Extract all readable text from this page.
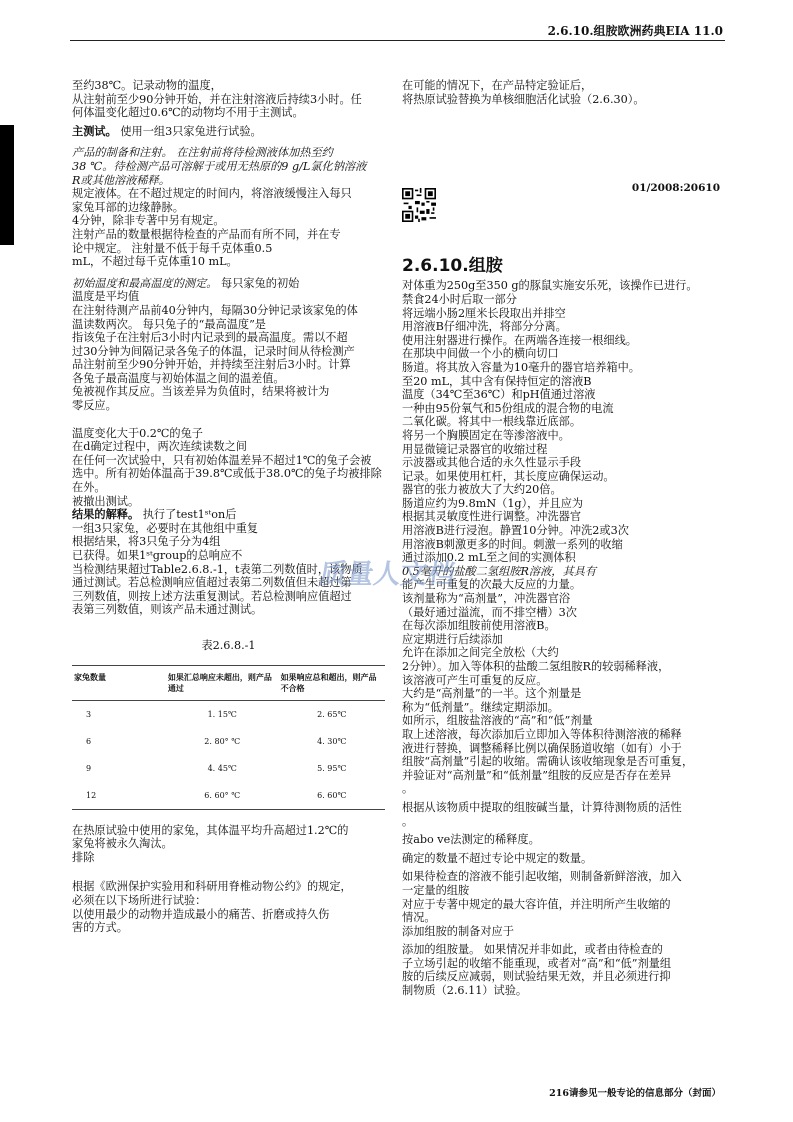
2.6.10.组胺欧洲药典EIA 11.0

至约38℃。记录动物的温度，

从注射前至少90分钟开始，并在注射溶液后持续3小时。任

何体温变化超过0.6℃的动物均不用于主测试。

主测试。 使用一组3只家兔进行试验。

产品的制备和注射。 在注射前将待检测液体加热至约

38 ℃。待检测产品可溶解于或用无热原的9 g/L氯化钠溶液

R或其他溶液稀释。

规定液体。在不超过规定的时间内，将溶液缓慢注入每只

家兔耳部的边缘静脉。

4分钟，除非专著中另有规定。

注射产品的数量根据待检查的产品而有所不同，并在专

论中规定。 注射量不低于每千克体重0.5

mL，不超过每千克体重10 mL。

初始温度和最高温度的测定。 每只家兔的初始

温度是平均值

在注射待测产品前40分钟内，每隔30分钟记录该家兔的体

温读数两次。 每只兔子的“最高温度”是

指该兔子在注射后3小时内记录到的最高温度。需以不超

过30分钟为间隔记录各兔子的体温，记录时间从待检测产

品注射前至少90分钟开始，并持续至注射后3小时。计算

各兔子最高温度与初始体温之间的温差值。

兔被视作其反应。当该差异为负值时，结果将被计为

零反应。

温度变化大于0.2℃的兔子

在d确定过程中，两次连续读数之间

在任何一次试验中，只有初始体温差异不超过1℃的兔子会被

选中。所有初始体温高于39.8℃或低于38.0℃的兔子均被排除

在外。

被撤出测试。

结果的解释。 执行了test1ˢᵗon后

一组3只家兔，必要时在其他组中重复

根据结果，将3只兔子分为4组

已获得。如果1ˢᵗgroup的总响应不

当检测结果超过Table2.6.8.-1，t表第二列数值时，该物质

通过测试。若总检测响应值超过表第二列数值但未超过第

三列数值，则按上述方法重复测试。若总检测响应值超过

表第三列数值，则该产品未通过测试。

表2.6.8.-1
家兔数量	如果汇总响应未超出，则产品通过	如果响应总和超出，则产品不合格
3	1. 15℃	2. 65℃
6	2. 80° ℃	4. 30℃
9	4. 45℃	5. 95℃
12	6. 60° ℃	6. 60℃

在热原试验中使用的家兔，其体温平均升高超过1.2℃的

家兔将被永久淘汰。

排除

根据《欧洲保护实验用和科研用脊椎动物公约》的规定，

必须在以下场所进行试验：

以使用最少的动物并造成最小的痛苦、折磨或持久伤

害的方式。

在可能的情况下，在产品特定验证后，

将热原试验替换为单核细胞活化试验（2.6.30）。

01/2008:20610
2.6.10.组胺

对体重为250g至350 g的豚鼠实施安乐死，该操作已进行。

禁食24小时后取一部分

将远端小肠2厘米长段取出并排空

用溶液B仔细冲洗，将部分分离。

使用注射器进行操作。在两端各连接一根细线。

在那块中间做一个小的横向切口

肠道。将其放入容量为10毫升的器官培养箱中。

至20 mL，其中含有保持恒定的溶液B

温度（34℃至36℃）和pH值通过溶液

一种由95份氧气和5份组成的混合物的电流

二氧化碳。将其中一根线靠近底部。

将另一个胸膜固定在等渗溶液中。

用显微镜记录器官的收缩过程

示波器或其他合适的永久性显示手段

记录。如果使用杠杆，其长度应确保运动。

器官的张力被放大了大约20倍。

肠道应约为9.8mN（1g），并且应为

根据其灵敏度性进行调整。冲洗器官

用溶液B进行浸泡。静置10分钟。冲洗2或3次

用溶液B刺激更多的时间。刺激一系列的收缩

通过添加0.2 mL至之间的实测体积

0.5毫升的盐酸二氢组胺R溶液，其具有

能产生可重复的次最大反应的力量。

该剂量称为“高剂量”，冲洗器官浴

（最好通过溢流，而不排空槽）3次

在每次添加组胺前使用溶液B。

应定期进行后续添加

允许在添加之间完全放松（大约

2分钟）。加入等体积的盐酸二氢组胺R的较弱稀释液，

该溶液可产生可重复的反应。

大约是“高剂量”的一半。这个剂量是

称为“低剂量”。继续定期添加。

如所示，组胺盐溶液的“高”和“低”剂量

取上述溶液，每次添加后立即加入等体积待测溶液的稀释

液进行替换，调整稀释比例以确保肠道收缩（如有）小于

组胺“高剂量”引起的收缩。需确认该收缩现象是否可重复，

并验证对“高剂量”和“低剂量”组胺的反应是否存在差异

。

根据从该物质中提取的组胺碱当量，计算待测物质的活性

。

按abo ve法测定的稀释度。

确定的数量不超过专论中规定的数量。

如果待检查的溶液不能引起收缩，则制备新鲜溶液，加入

一定量的组胺

对应于专著中规定的最大容许值，并注明所产生收缩的

情况。

添加组胺的制备对应于

添加的组胺量。 如果情况并非如此，或者由待检查的

子立场引起的收缩不能重现，或者对“高”和“低”剂量组

胺的后续反应减弱，则试验结果无效，并且必须进行抑

制物质（2.6.11）试验。

质量人文档
216请参见一般专论的信息部分（封面）
